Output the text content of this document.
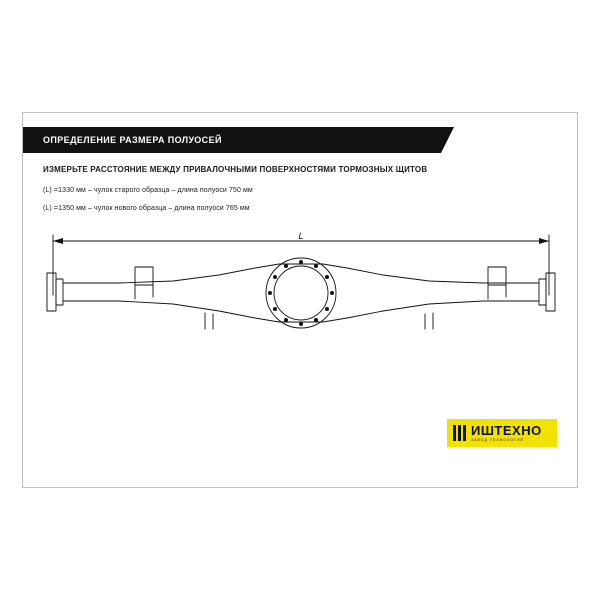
ОПРЕДЕЛЕНИЕ РАЗМЕРА ПОЛУОСЕЙ
ИЗМЕРЬТЕ РАССТОЯНИЕ МЕЖДУ ПРИВАЛОЧНЫМИ ПОВЕРХНОСТЯМИ ТОРМОЗНЫХ ЩИТОВ
(L) =1330 мм – чулок старого образца – длина полуоси 750 мм
(L) =1350 мм – чулок нового образца – длина полуоси 765 мм
L
ИШТЕХНО
ЗАВОД ТЕХНОЛОГИЙ
